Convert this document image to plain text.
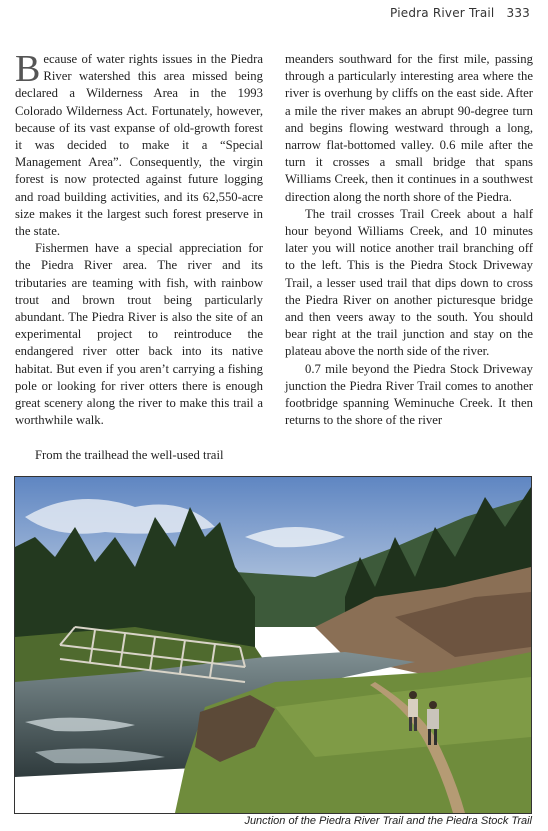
Piedra River Trail 333

Because of water rights issues in the Piedra River watershed this area missed being declared a Wilderness Area in the 1993 Colorado Wilderness Act. Fortunately, however, because of its vast expanse of old-growth forest it was decided to make it a “Special Management Area”. Consequently, the virgin forest is now protected against future logging and road building activities, and its 62,550-acre size makes it the largest such forest preserve in the state.

Fishermen have a special appreciation for the Piedra River area. The river and its tributaries are teaming with fish, with rainbow trout and brown trout being particularly abundant. The Piedra River is also the site of an experimental project to reintroduce the endangered river otter back into its native habitat. But even if you aren’t carrying a fishing pole or looking for river otters there is enough great scenery along the river to make this trail a worthwhile walk.

From the trailhead the well-used trail

meanders southward for the first mile, passing through a particularly interesting area where the river is overhung by cliffs on the east side. After a mile the river makes an abrupt 90-degree turn and begins flowing westward through a long, narrow flat-bottomed valley. 0.6 mile after the turn it crosses a small bridge that spans Williams Creek, then it continues in a southwest direction along the north shore of the Piedra.

The trail crosses Trail Creek about a half hour beyond Williams Creek, and 10 minutes later you will notice another trail branching off to the left. This is the Piedra Stock Driveway Trail, a lesser used trail that dips down to cross the Piedra River on another picturesque bridge and then veers away to the south. You should bear right at the trail junction and stay on the plateau above the north side of the river.

0.7 mile beyond the Piedra Stock Driveway junction the Piedra River Trail comes to another footbridge spanning Weminuche Creek. It then returns to the shore of the river

Junction of the Piedra River Trail and the Piedra Stock Trail
